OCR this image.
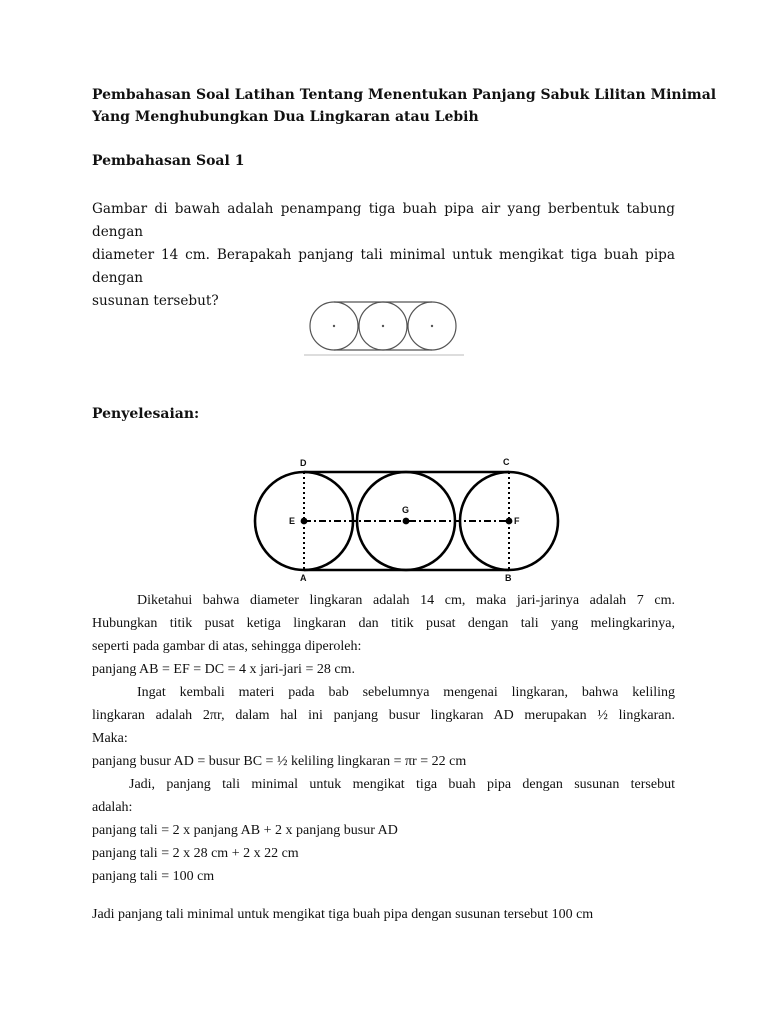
Pembahasan Soal Latihan Tentang Menentukan Panjang Sabuk Lilitan Minimal
Yang Menghubungkan Dua Lingkaran atau Lebih
Pembahasan Soal 1
Gambar di bawah adalah penampang tiga buah pipa air yang berbentuk tabung dengan
diameter 14 cm. Berapakah panjang tali minimal untuk mengikat tiga buah pipa dengan
susunan tersebut?
Penyelesaian:
D	C
E
G
F
A	B
Diketahui bahwa diameter lingkaran adalah 14 cm, maka jari-jarinya adalah 7 cm.
Hubungkan titik pusat ketiga lingkaran dan titik pusat dengan tali yang melingkarinya,
seperti pada gambar di atas, sehingga diperoleh:
panjang AB = EF = DC = 4 x jari-jari = 28 cm.
Ingat kembali materi pada bab sebelumnya mengenai lingkaran, bahwa keliling
lingkaran adalah 2πr, dalam hal ini panjang busur lingkaran AD merupakan ½ lingkaran.
Maka:
panjang busur AD = busur BC = ½ keliling lingkaran = πr = 22 cm
Jadi, panjang tali minimal untuk mengikat tiga buah pipa dengan susunan tersebut
adalah:
panjang tali = 2 x panjang AB + 2 x panjang busur AD
panjang tali = 2 x 28 cm + 2 x 22 cm
panjang tali = 100 cm
Jadi panjang tali minimal untuk mengikat tiga buah pipa dengan susunan tersebut 100 cm
